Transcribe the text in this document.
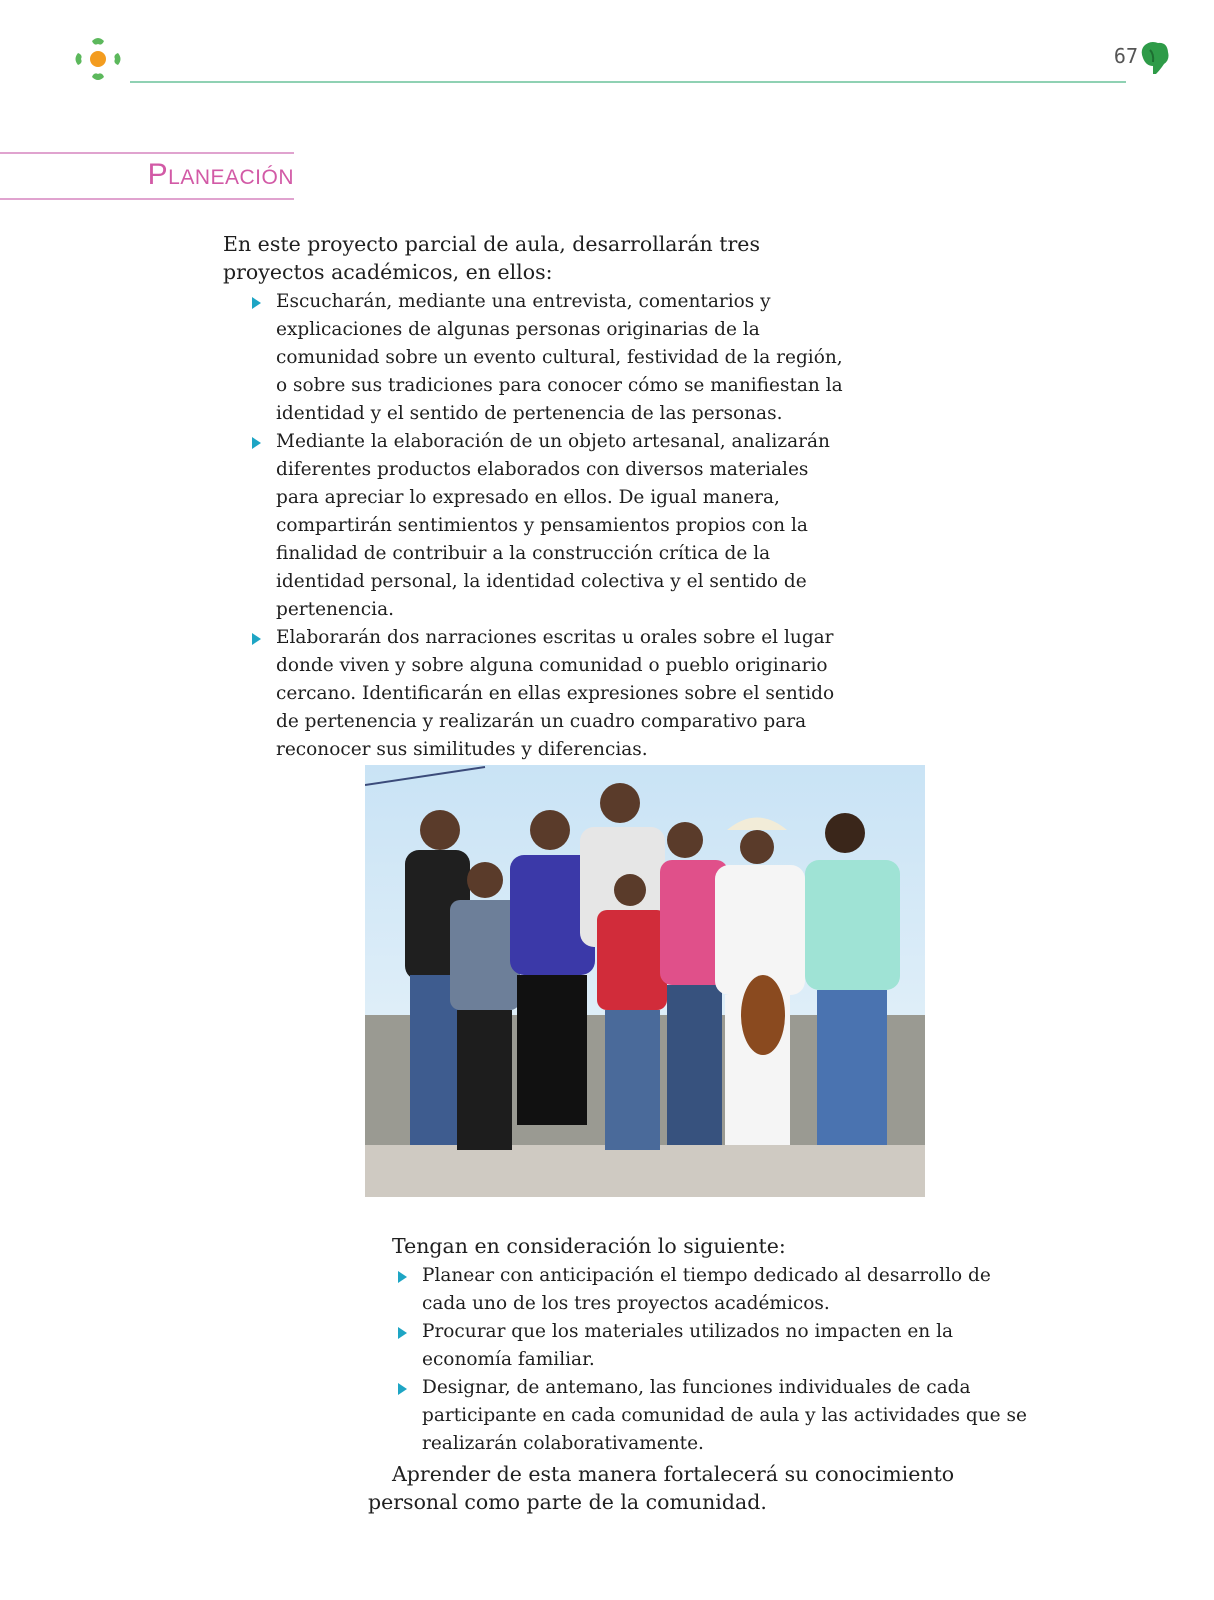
67
Planeación
En este proyecto parcial de aula, desarrollarán tres proyectos académicos, en ellos:
Escucharán, mediante una entrevista, comentarios y explicaciones de algunas personas originarias de la comunidad sobre un evento cultural, festividad de la región, o sobre sus tradiciones para conocer cómo se manifiestan la identidad y el sentido de pertenencia de las personas.
Mediante la elaboración de un objeto artesanal, analizarán diferentes productos elaborados con diversos materiales para apreciar lo expresado en ellos. De igual manera, compartirán sentimientos y pensamientos propios con la finalidad de contribuir a la construcción crítica de la identidad personal, la identidad colectiva y el sentido de pertenencia.
Elaborarán dos narraciones escritas u orales sobre el lugar donde viven y sobre alguna comunidad o pueblo originario cercano. Identificarán en ellas expresiones sobre el sentido de pertenencia y realizarán un cuadro comparativo para reconocer sus similitudes y diferencias.
Tengan en consideración lo siguiente:
Planear con anticipación el tiempo dedicado al desarrollo de cada uno de los tres proyectos académicos.
Procurar que los materiales utilizados no impacten en la economía familiar.
Designar, de antemano, las funciones individuales de cada participante en cada comunidad de aula y las actividades que se realizarán colaborativamente.
Aprender de esta manera fortalecerá su conocimiento personal como parte de la comunidad.
